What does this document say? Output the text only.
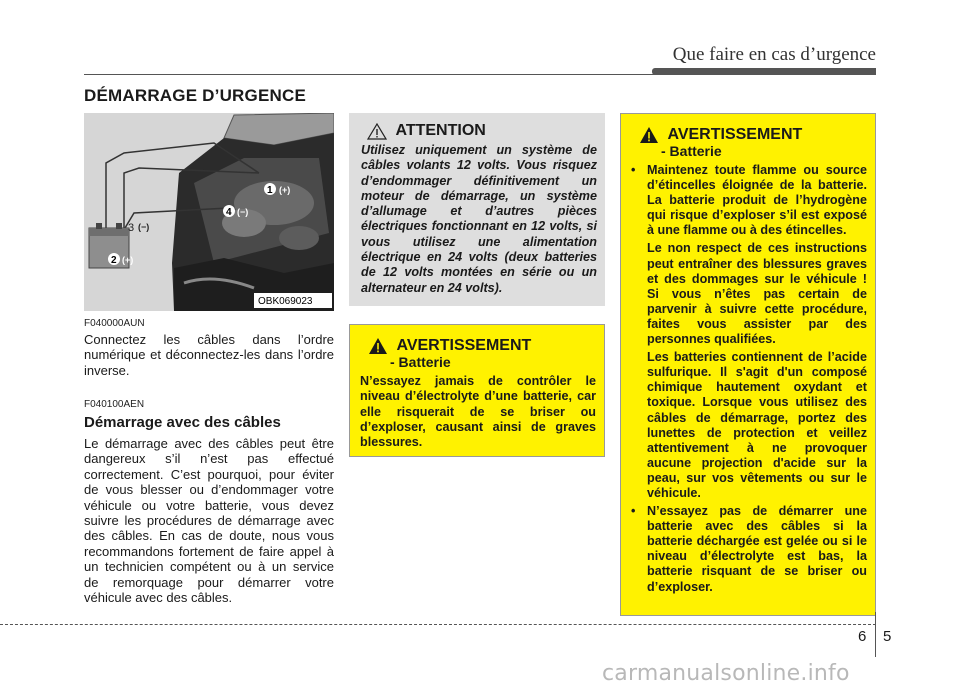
Que faire en cas d’urgence
DÉMARRAGE D’URGENCE
1 (+)
4 (−)
3 (−)
2 (+)
OBK069023
F040000AUN
Connectez les câbles dans l’ordre numérique et déconnectez-les dans l’ordre inverse.
F040100AEN
Démarrage avec des câbles
Le démarrage avec des câbles peut être dangereux s’il n’est pas effectué correctement. C’est pourquoi, pour éviter de vous blesser ou d’endommager votre véhicule ou votre batterie, vous devez suivre les procédures de démarrage avec des câbles. En cas de doute, nous vous recommandons fortement de faire appel à un technicien compétent ou à un service de remorquage pour démarrer votre véhicule avec des câbles.
ATTENTION
Utilisez uniquement un système de câbles volants 12 volts. Vous risquez d’endommager définitivement un moteur de démarrage, un système d’allumage et d’autres pièces électriques fonctionnant en 12 volts, si vous utilisez une alimentation électrique en 24 volts (deux batteries de 12 volts montées en série ou un alternateur en 24 volts).
AVERTISSEMENT
- Batterie
N’essayez jamais de contrôler le niveau d’électrolyte d’une batterie, car elle risquerait de se briser ou d’exploser, causant ainsi de graves blessures.
AVERTISSEMENT
- Batterie
• Maintenez toute flamme ou source d’étincelles éloignée de la batterie. La batterie produit de l’hydrogène qui risque d’exploser s’il est exposé à une flamme ou à des étincelles.
Le non respect de ces instructions peut entraîner des blessures graves et des dommages sur le véhicule ! Si vous n’êtes pas certain de parvenir à suivre cette procédure, faites vous assister par des personnes qualifiées.
Les batteries contiennent de l’acide sulfurique. Il s'agit d'un composé chimique hautement oxydant et toxique. Lorsque vous utilisez des câbles de démarrage, portez des lunettes de protection et veillez attentivement à ne provoquer aucune projection d'acide sur la peau, sur vos vêtements ou sur le véhicule.
• N’essayez pas de démarrer une batterie avec des câbles si la batterie déchargée est gelée ou si le niveau d’électrolyte est bas, la batterie risquant de se briser ou d’exploser.
6 5
carmanualsonline.info
